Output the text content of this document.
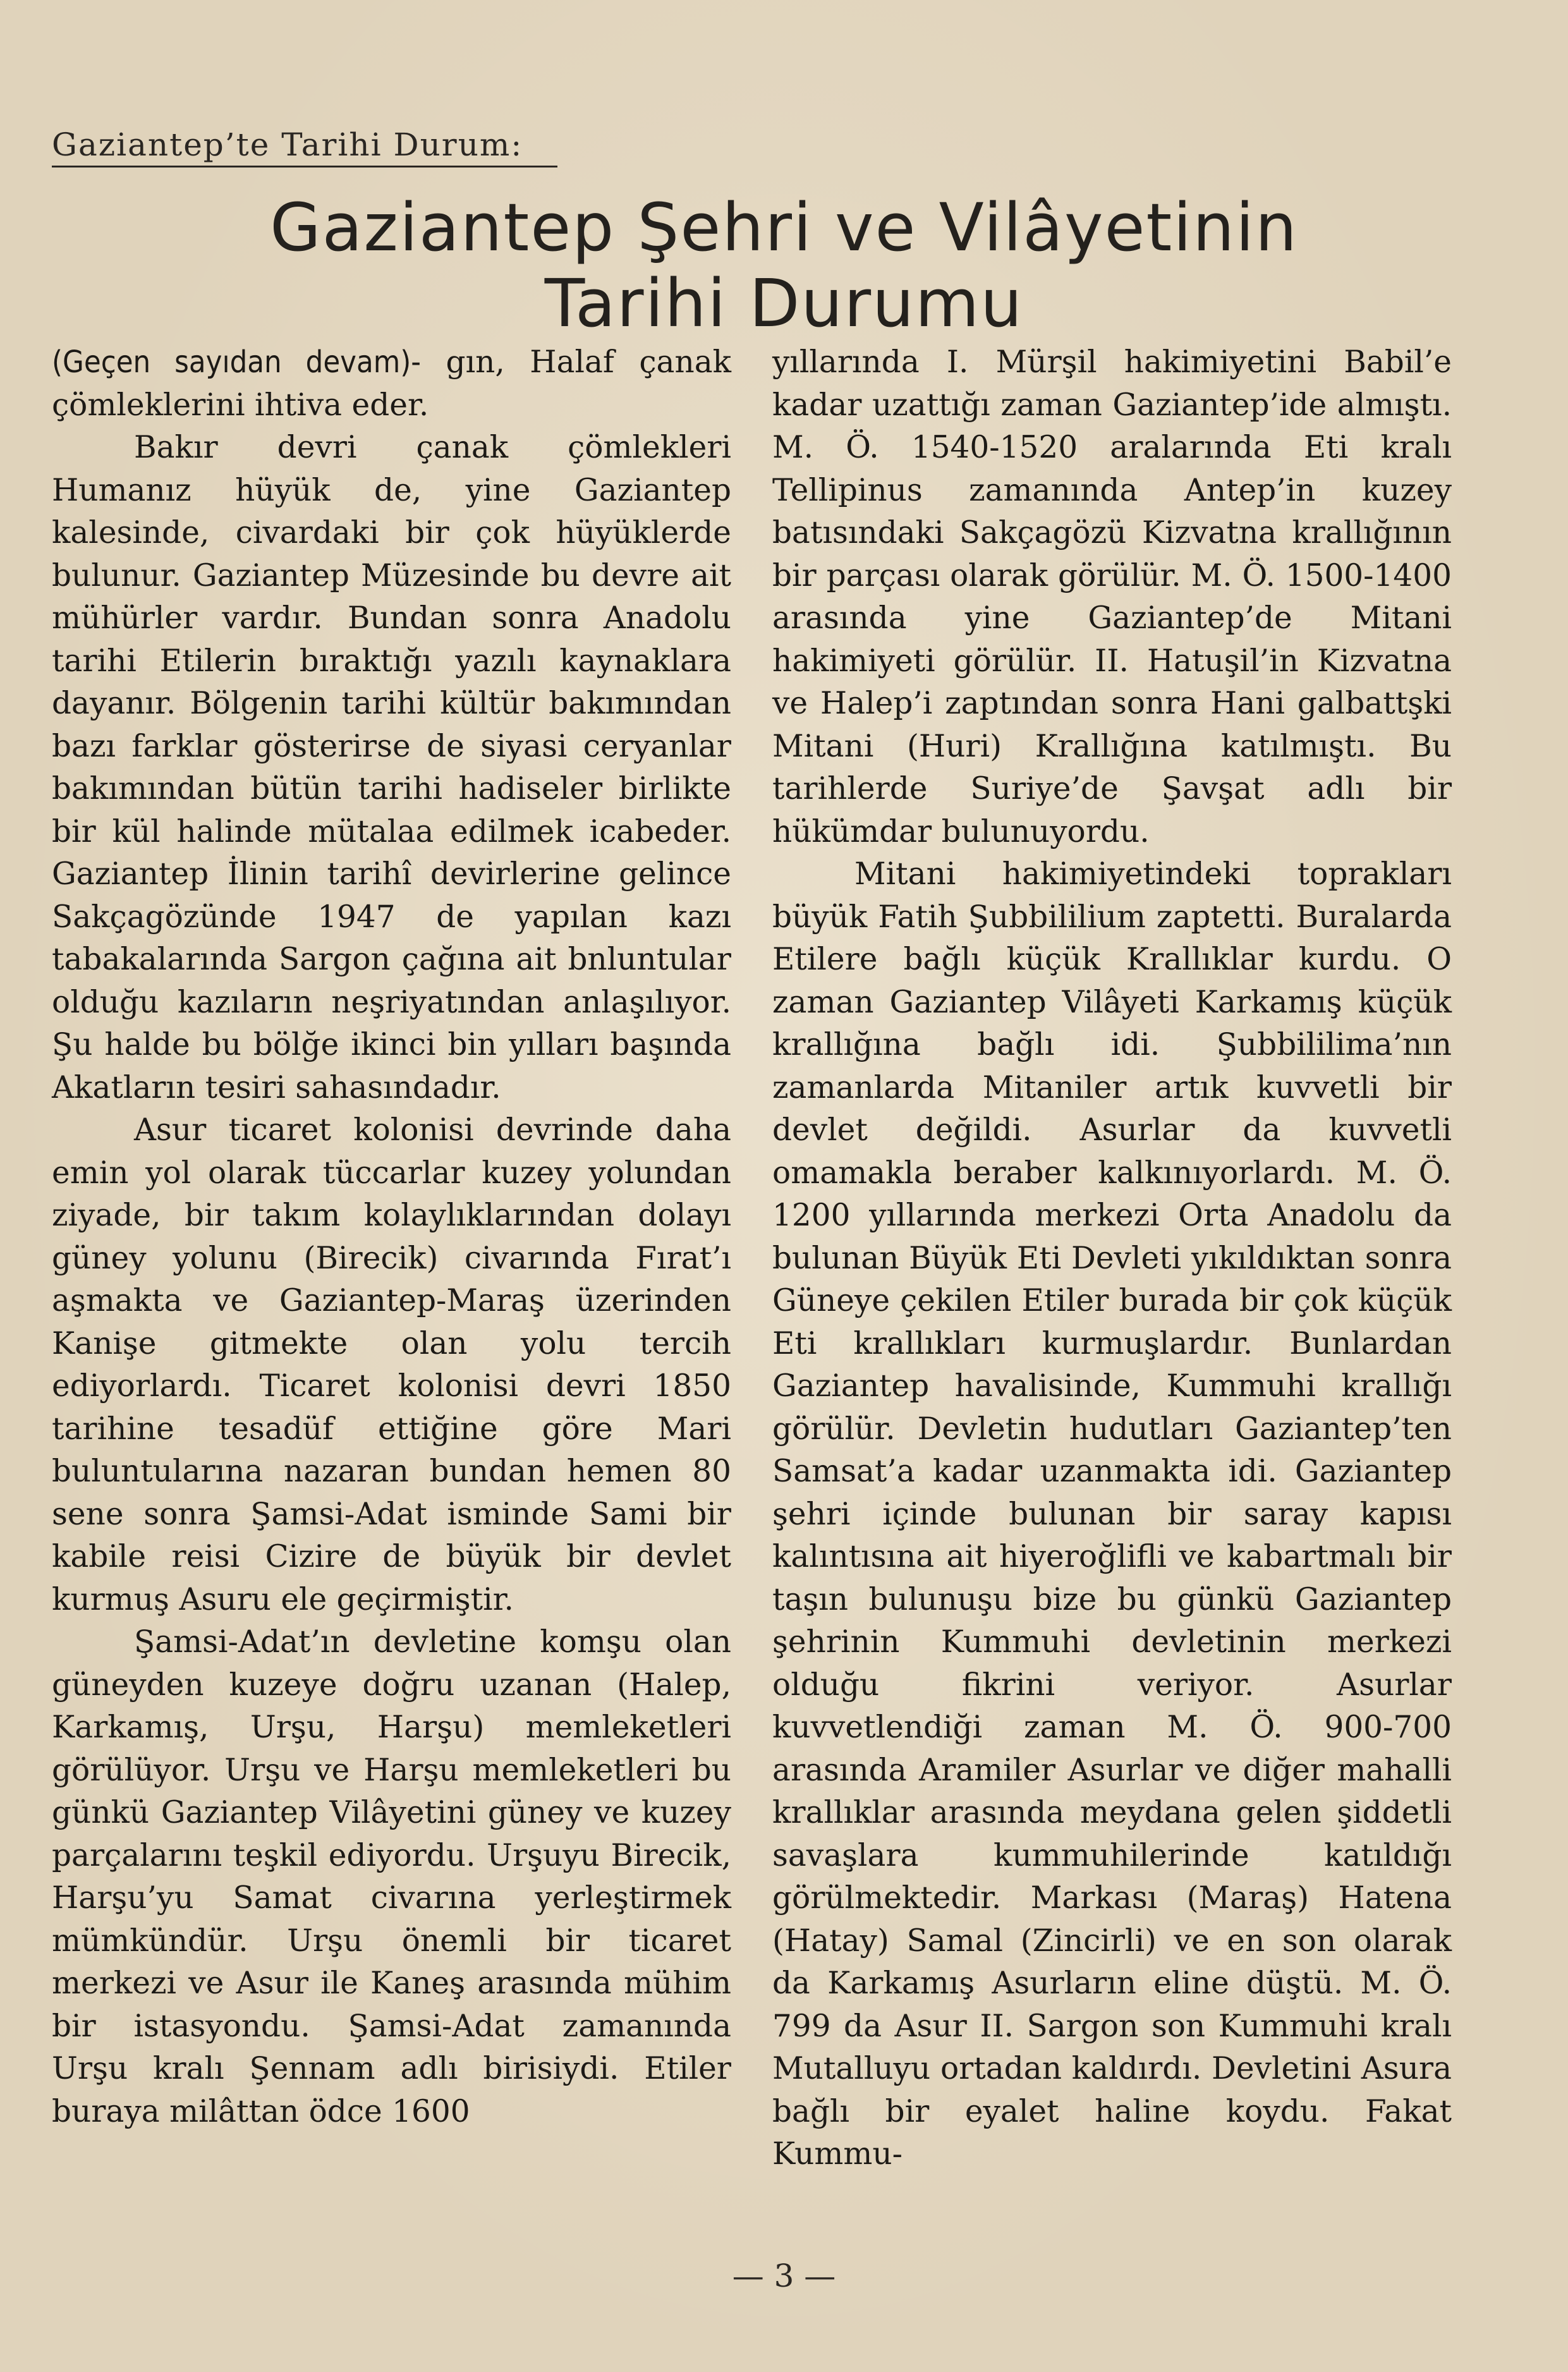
Gaziantep’te Tarihi Durum:
Gaziantep Şehri ve Vilâyetinin
Tarihi Durumu

(Geçen sayıdan devam)- gın, Halaf çanak çömleklerini ihtiva eder.

Bakır devri çanak çömlekleri Humanız hüyük de, yine Gaziantep kalesinde, civardaki bir çok hüyüklerde bulunur. Gaziantep Müzesinde bu devre ait mühürler vardır. Bundan sonra Anadolu tarihi Etilerin bıraktığı yazılı kaynaklara dayanır. Bölgenin tarihi kültür bakımından bazı farklar gösterirse de siyasi ceryanlar bakımından bütün tarihi hadiseler birlikte bir kül halinde mütalaa edilmek icabeder. Gaziantep İlinin tarihî devirlerine gelince Sakçagözünde 1947 de yapılan kazı tabakalarında Sargon çağına ait bnluntular olduğu kazıların neşriyatından anlaşılıyor. Şu halde bu bölğe ikinci bin yılları başında Akatların tesiri sahasındadır.

Asur ticaret kolonisi devrinde daha emin yol olarak tüccarlar kuzey yolundan ziyade, bir takım kolaylıklarından dolayı güney yolunu (Birecik) civarında Fırat’ı aşmakta ve Gaziantep-Maraş üzerinden Kanişe gitmekte olan yolu tercih ediyorlardı. Ticaret kolonisi devri 1850 tarihine tesadüf ettiğine göre Mari buluntularına nazaran bundan hemen 80 sene sonra Şamsi-Adat isminde Sami bir kabile reisi Cizire de büyük bir devlet kurmuş Asuru ele geçirmiştir.

Şamsi-Adat’ın devletine komşu olan güneyden kuzeye doğru uzanan (Halep, Karkamış, Urşu, Harşu) memleketleri görülüyor. Urşu ve Harşu memleketleri bu günkü Gaziantep Vilâyetini güney ve kuzey parçalarını teşkil ediyordu. Urşuyu Birecik, Harşu’yu Samat civarına yerleştirmek mümkündür. Urşu önemli bir ticaret merkezi ve Asur ile Kaneş arasında mühim bir istasyondu. Şamsi-Adat zamanında Urşu kralı Şennam adlı birisiydi. Etiler buraya milâttan ödce 1600

yıllarında I. Mürşil hakimiyetini Babil’e kadar uzattığı zaman Gaziantep’ide almıştı. M. Ö. 1540-1520 aralarında Eti kralı Tellipinus zamanında Antep’in kuzey batısındaki Sakçagözü Kizvatna krallığının bir parçası olarak görülür. M. Ö. 1500-1400 arasında yine Gaziantep’de Mitani hakimiyeti görülür. II. Hatuşil’in Kizvatna ve Halep’i zaptından sonra Hani galbattşki Mitani (Huri) Krallığına katılmıştı. Bu tarihlerde Suriye’de Şavşat adlı bir hükümdar bulunuyordu.

Mitani hakimiyetindeki toprakları büyük Fatih Şubbililium zaptetti. Buralarda Etilere bağlı küçük Krallıklar kurdu. O zaman Gaziantep Vilâyeti Karkamış küçük krallığına bağlı idi. Şubbililima’nın zamanlarda Mitaniler artık kuvvetli bir devlet değildi. Asurlar da kuvvetli omamakla beraber kalkınıyorlardı. M. Ö. 1200 yıllarında merkezi Orta Anadolu da bulunan Büyük Eti Devleti yıkıldıktan sonra Güneye çekilen Etiler burada bir çok küçük Eti krallıkları kurmuşlardır. Bunlardan Gaziantep havalisinde, Kummuhi krallığı görülür. Devletin hudutları Gaziantep’ten Samsat’a kadar uzanmakta idi. Gaziantep şehri içinde bulunan bir saray kapısı kalıntısına ait hiyeroğlifli ve kabartmalı bir taşın bulunuşu bize bu günkü Gaziantep şehrinin Kummuhi devletinin merkezi olduğu fikrini veriyor. Asurlar kuvvetlendiği zaman M. Ö. 900-700 arasında Aramiler Asurlar ve diğer mahalli krallıklar arasında meydana gelen şiddetli savaşlara kummuhilerinde katıldığı görülmektedir. Markası (Maraş) Hatena (Hatay) Samal (Zincirli) ve en son olarak da Karkamış Asurların eline düştü. M. Ö. 799 da Asur II. Sargon son Kummuhi kralı Mutalluyu ortadan kaldırdı. Devletini Asura bağlı bir eyalet haline koydu. Fakat Kummu-

— 3 —
